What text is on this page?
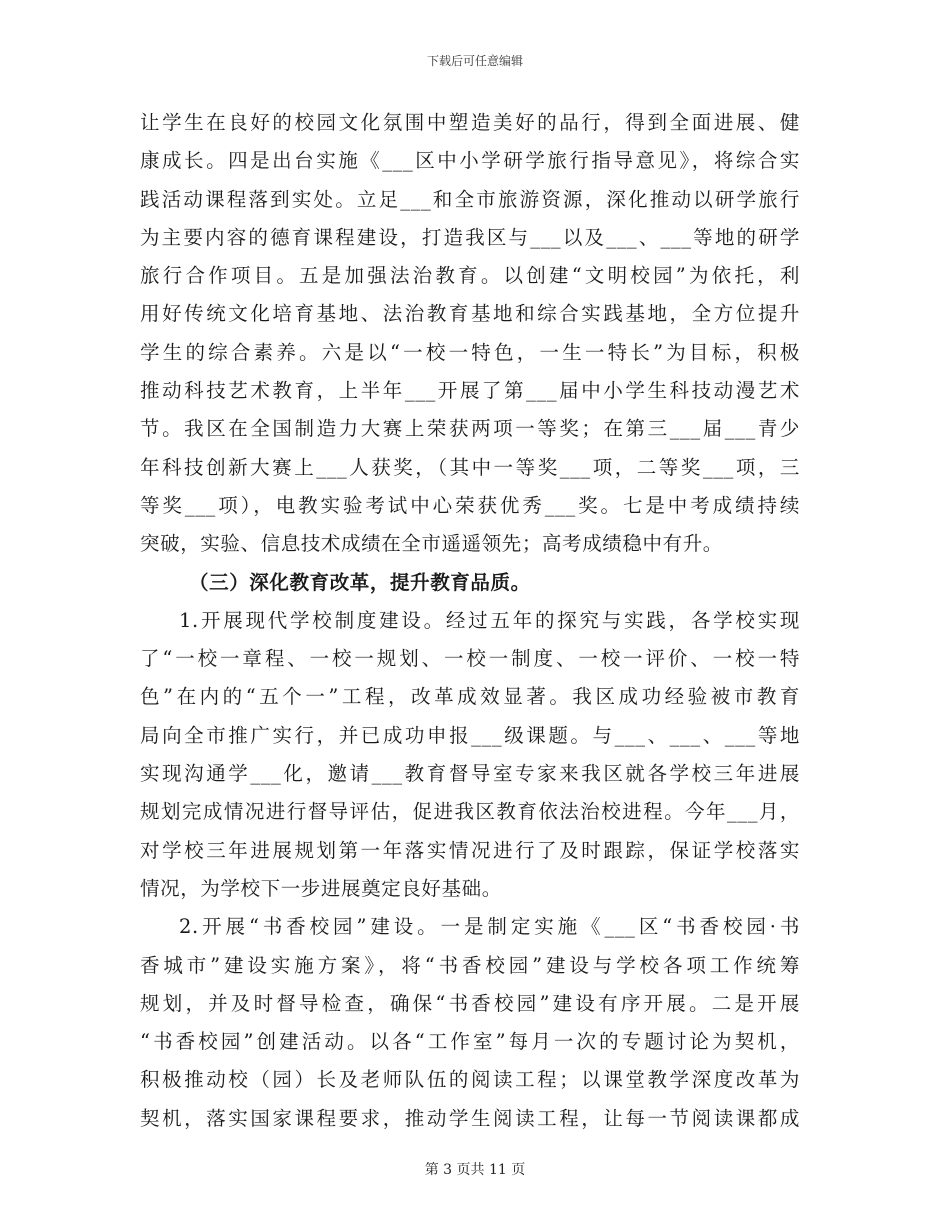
下载后可任意编辑
让学生在良好的校园文化氛围中塑造美好的品行，得到全面进展、健
康成长。四是出台实施《___区中小学研学旅行指导意见》，将综合实
践活动课程落到实处。立足___和全市旅游资源，深化推动以研学旅行
为主要内容的德育课程建设，打造我区与___以及___、___等地的研学
旅行合作项目。五是加强法治教育。以创建“文明校园”为依托，利
用好传统文化培育基地、法治教育基地和综合实践基地，全方位提升
学生的综合素养。六是以“一校一特色，一生一特长”为目标，积极
推动科技艺术教育，上半年___开展了第___届中小学生科技动漫艺术
节。我区在全国制造力大赛上荣获两项一等奖；在第三___届___青少
年科技创新大赛上___人获奖，（其中一等奖___项，二等奖___项，三
等奖___项），电教实验考试中心荣获优秀___奖。七是中考成绩持续
突破，实验、信息技术成绩在全市遥遥领先；高考成绩稳中有升。
（三）深化教育改革，提升教育品质。
1.开展现代学校制度建设。经过五年的探究与实践，各学校实现
了“一校一章程、一校一规划、一校一制度、一校一评价、一校一特
色”在内的“五个一”工程，改革成效显著。我区成功经验被市教育
局向全市推广实行，并已成功申报___级课题。与___、___、___等地
实现沟通学___化，邀请___教育督导室专家来我区就各学校三年进展
规划完成情况进行督导评估，促进我区教育依法治校进程。今年___月，
对学校三年进展规划第一年落实情况进行了及时跟踪，保证学校落实
情况，为学校下一步进展奠定良好基础。
2.开展“书香校园”建设。一是制定实施《___区“书香校园·书
香城市”建设实施方案》，将“书香校园”建设与学校各项工作统筹
规划，并及时督导检查，确保“书香校园”建设有序开展。二是开展
“书香校园”创建活动。以各“工作室”每月一次的专题讨论为契机，
积极推动校（园）长及老师队伍的阅读工程；以课堂教学深度改革为
契机，落实国家课程要求，推动学生阅读工程，让每一节阅读课都成
第 3 页共 11 页
